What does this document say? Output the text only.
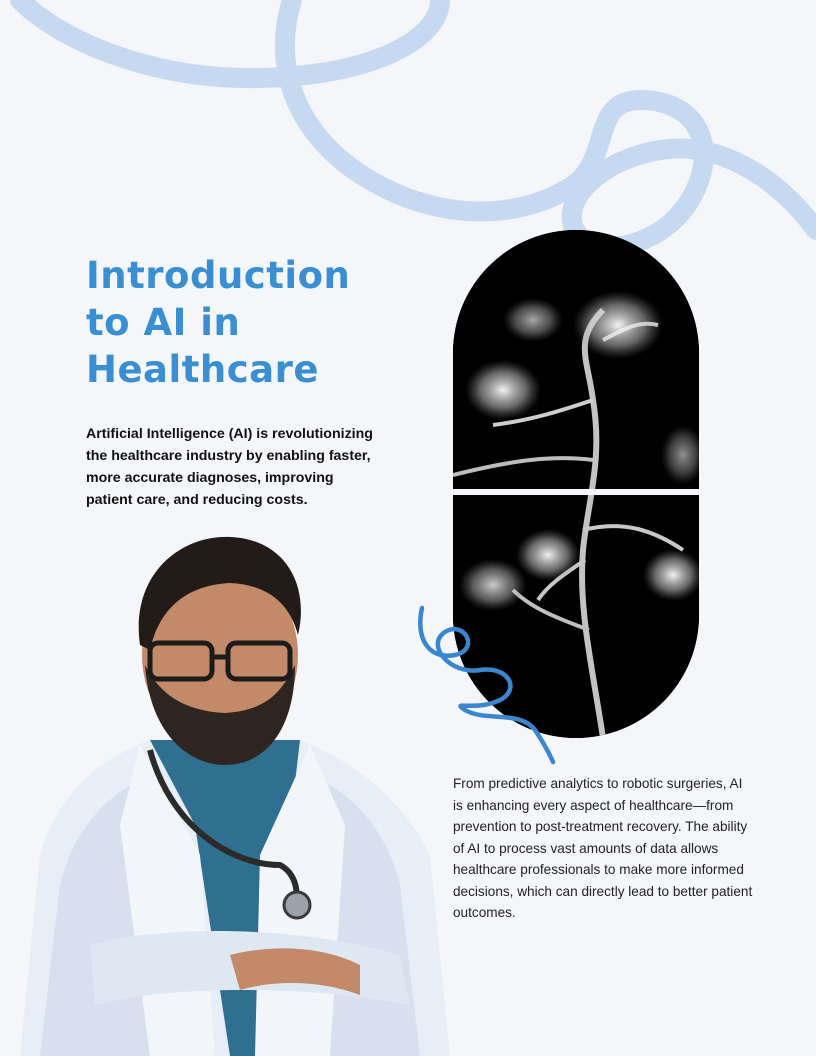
Introduction
to AI in
Healthcare

Artificial Intelligence (AI) is revolutionizing the healthcare industry by enabling faster, more accurate diagnoses, improving patient care, and reducing costs.

From predictive analytics to robotic surgeries, AI is enhancing every aspect of healthcare—from prevention to post-treatment recovery. The ability of AI to process vast amounts of data allows healthcare professionals to make more informed decisions, which can directly lead to better patient outcomes.
